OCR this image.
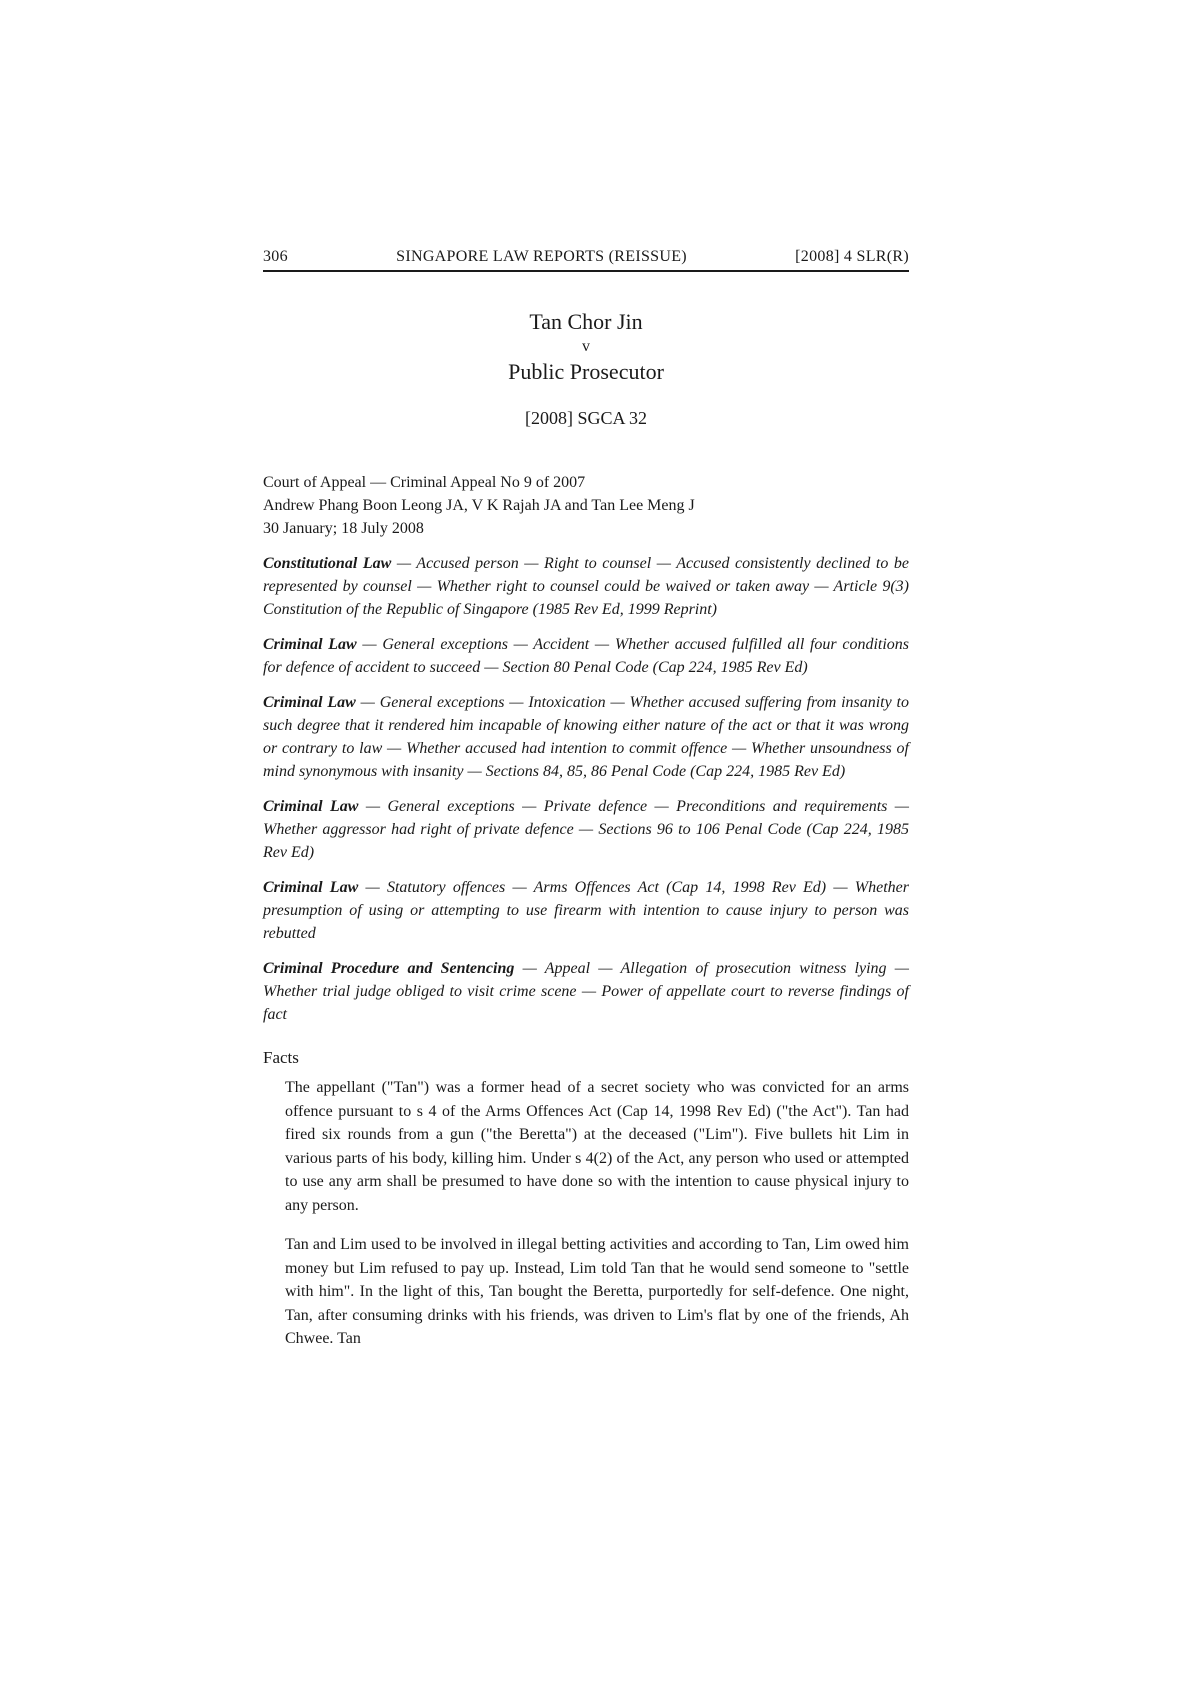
306	SINGAPORE LAW REPORTS (REISSUE)	[2008] 4 SLR(R)
Tan Chor Jin
v
Public Prosecutor
[2008] SGCA 32
Court of Appeal — Criminal Appeal No 9 of 2007
Andrew Phang Boon Leong JA, V K Rajah JA and Tan Lee Meng J
30 January; 18 July 2008
Constitutional Law — Accused person — Right to counsel — Accused consistently declined to be represented by counsel — Whether right to counsel could be waived or taken away — Article 9(3) Constitution of the Republic of Singapore (1985 Rev Ed, 1999 Reprint)
Criminal Law — General exceptions — Accident — Whether accused fulfilled all four conditions for defence of accident to succeed — Section 80 Penal Code (Cap 224, 1985 Rev Ed)
Criminal Law — General exceptions — Intoxication — Whether accused suffering from insanity to such degree that it rendered him incapable of knowing either nature of the act or that it was wrong or contrary to law — Whether accused had intention to commit offence — Whether unsoundness of mind synonymous with insanity — Sections 84, 85, 86 Penal Code (Cap 224, 1985 Rev Ed)
Criminal Law — General exceptions — Private defence — Preconditions and requirements — Whether aggressor had right of private defence — Sections 96 to 106 Penal Code (Cap 224, 1985 Rev Ed)
Criminal Law — Statutory offences — Arms Offences Act (Cap 14, 1998 Rev Ed) — Whether presumption of using or attempting to use firearm with intention to cause injury to person was rebutted
Criminal Procedure and Sentencing — Appeal — Allegation of prosecution witness lying — Whether trial judge obliged to visit crime scene — Power of appellate court to reverse findings of fact
Facts

The appellant ("Tan") was a former head of a secret society who was convicted for an arms offence pursuant to s 4 of the Arms Offences Act (Cap 14, 1998 Rev Ed) ("the Act"). Tan had fired six rounds from a gun ("the Beretta") at the deceased ("Lim"). Five bullets hit Lim in various parts of his body, killing him. Under s 4(2) of the Act, any person who used or attempted to use any arm shall be presumed to have done so with the intention to cause physical injury to any person.

Tan and Lim used to be involved in illegal betting activities and according to Tan, Lim owed him money but Lim refused to pay up. Instead, Lim told Tan that he would send someone to "settle with him". In the light of this, Tan bought the Beretta, purportedly for self-defence. One night, Tan, after consuming drinks with his friends, was driven to Lim's flat by one of the friends, Ah Chwee. Tan
